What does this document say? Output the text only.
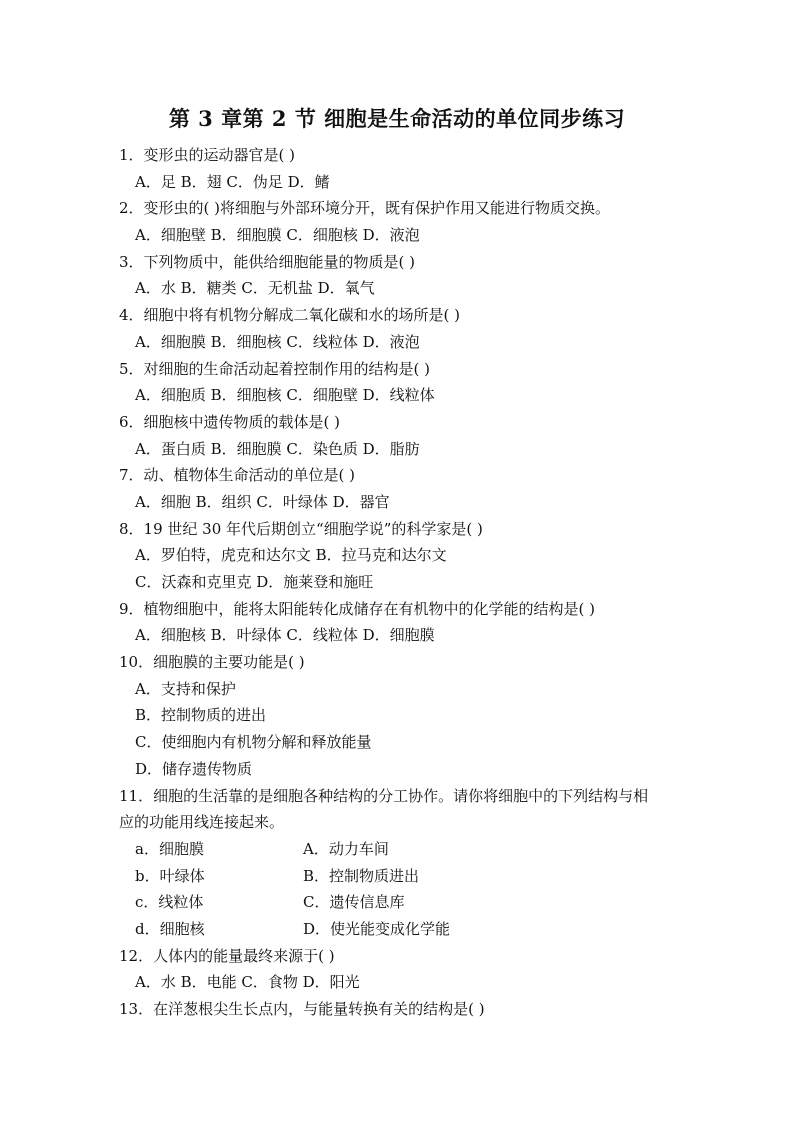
第 3 章第 2 节 细胞是生命活动的单位同步练习
1．变形虫的运动器官是( )
A．足 B．翅 C．伪足 D．鳍
2．变形虫的( )将细胞与外部环境分开，既有保护作用又能进行物质交换。
A．细胞壁 B．细胞膜 C．细胞核 D．液泡
3．下列物质中，能供给细胞能量的物质是( )
A．水 B．糖类 C．无机盐 D．氧气
4．细胞中将有机物分解成二氧化碳和水的场所是( )
A．细胞膜 B．细胞核 C．线粒体 D．液泡
5．对细胞的生命活动起着控制作用的结构是( )
A．细胞质 B．细胞核 C．细胞壁 D．线粒体
6．细胞核中遗传物质的载体是( )
A．蛋白质 B．细胞膜 C．染色质 D．脂肪
7．动、植物体生命活动的单位是( )
A．细胞 B．组织 C．叶绿体 D．器官
8．19 世纪 30 年代后期创立“细胞学说”的科学家是( )
A．罗伯特，虎克和达尔文 B．拉马克和达尔文
C．沃森和克里克 D．施莱登和施旺
9．植物细胞中，能将太阳能转化成储存在有机物中的化学能的结构是( )
A．细胞核 B．叶绿体 C．线粒体 D．细胞膜
10．细胞膜的主要功能是( )
A．支持和保护
B．控制物质的进出
C．使细胞内有机物分解和释放能量
D．储存遗传物质
11．细胞的生活靠的是细胞各种结构的分工协作。请你将细胞中的下列结构与相
应的功能用线连接起来。
a．细胞膜	A．动力车间
b．叶绿体	B．控制物质进出
c．线粒体	C．遗传信息库
d．细胞核	D．使光能变成化学能
12．人体内的能量最终来源于( )
A．水 B．电能 C．食物 D．阳光
13．在洋葱根尖生长点内，与能量转换有关的结构是( )
